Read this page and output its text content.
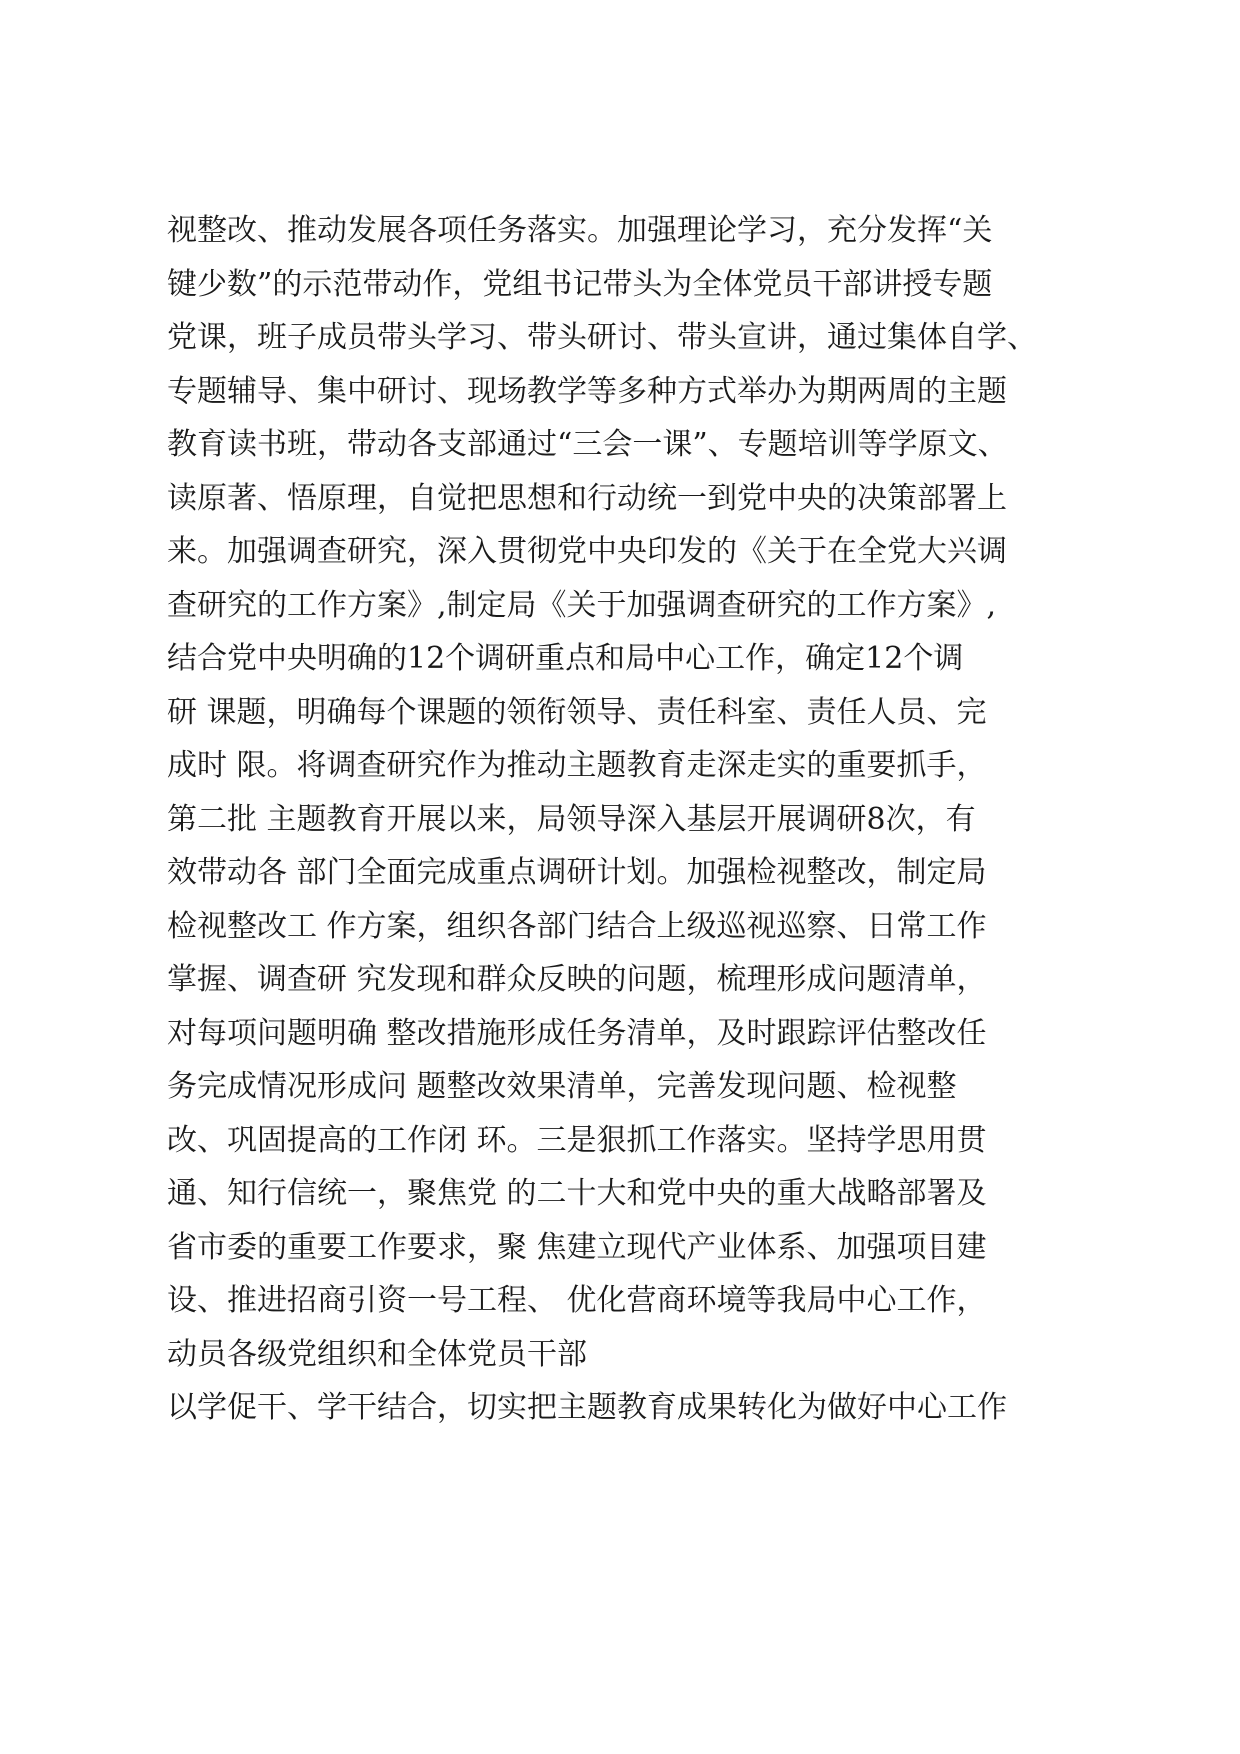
视整改、推动发展各项任务落实。加强理论学习，充分发挥“关
键少数”的示范带动作，党组书记带头为全体党员干部讲授专题
党课，班子成员带头学习、带头研讨、带头宣讲，通过集体自学、
专题辅导、集中研讨、现场教学等多种方式举办为期两周的主题
教育读书班，带动各支部通过“三会一课”、专题培训等学原文、
读原著、悟原理，自觉把思想和行动统一到党中央的决策部署上
来。加强调查研究，深入贯彻党中央印发的《关于在全党大兴调
查研究的工作方案》,制定局《关于加强调查研究的工作方案》,
结合党中央明确的12个调研重点和局中心工作，确定12个调
研 课题，明确每个课题的领衔领导、责任科室、责任人员、完
成时 限。将调查研究作为推动主题教育走深走实的重要抓手，
第二批 主题教育开展以来，局领导深入基层开展调研8次，有
效带动各 部门全面完成重点调研计划。加强检视整改，制定局
检视整改工 作方案，组织各部门结合上级巡视巡察、日常工作
掌握、调查研 究发现和群众反映的问题，梳理形成问题清单，
对每项问题明确 整改措施形成任务清单，及时跟踪评估整改任
务完成情况形成问 题整改效果清单，完善发现问题、检视整
改、巩固提高的工作闭 环。三是狠抓工作落实。坚持学思用贯
通、知行信统一，聚焦党 的二十大和党中央的重大战略部署及
省市委的重要工作要求，聚 焦建立现代产业体系、加强项目建
设、推进招商引资一号工程、 优化营商环境等我局中心工作，
动员各级党组织和全体党员干部
以学促干、学干结合，切实把主题教育成果转化为做好中心工作
